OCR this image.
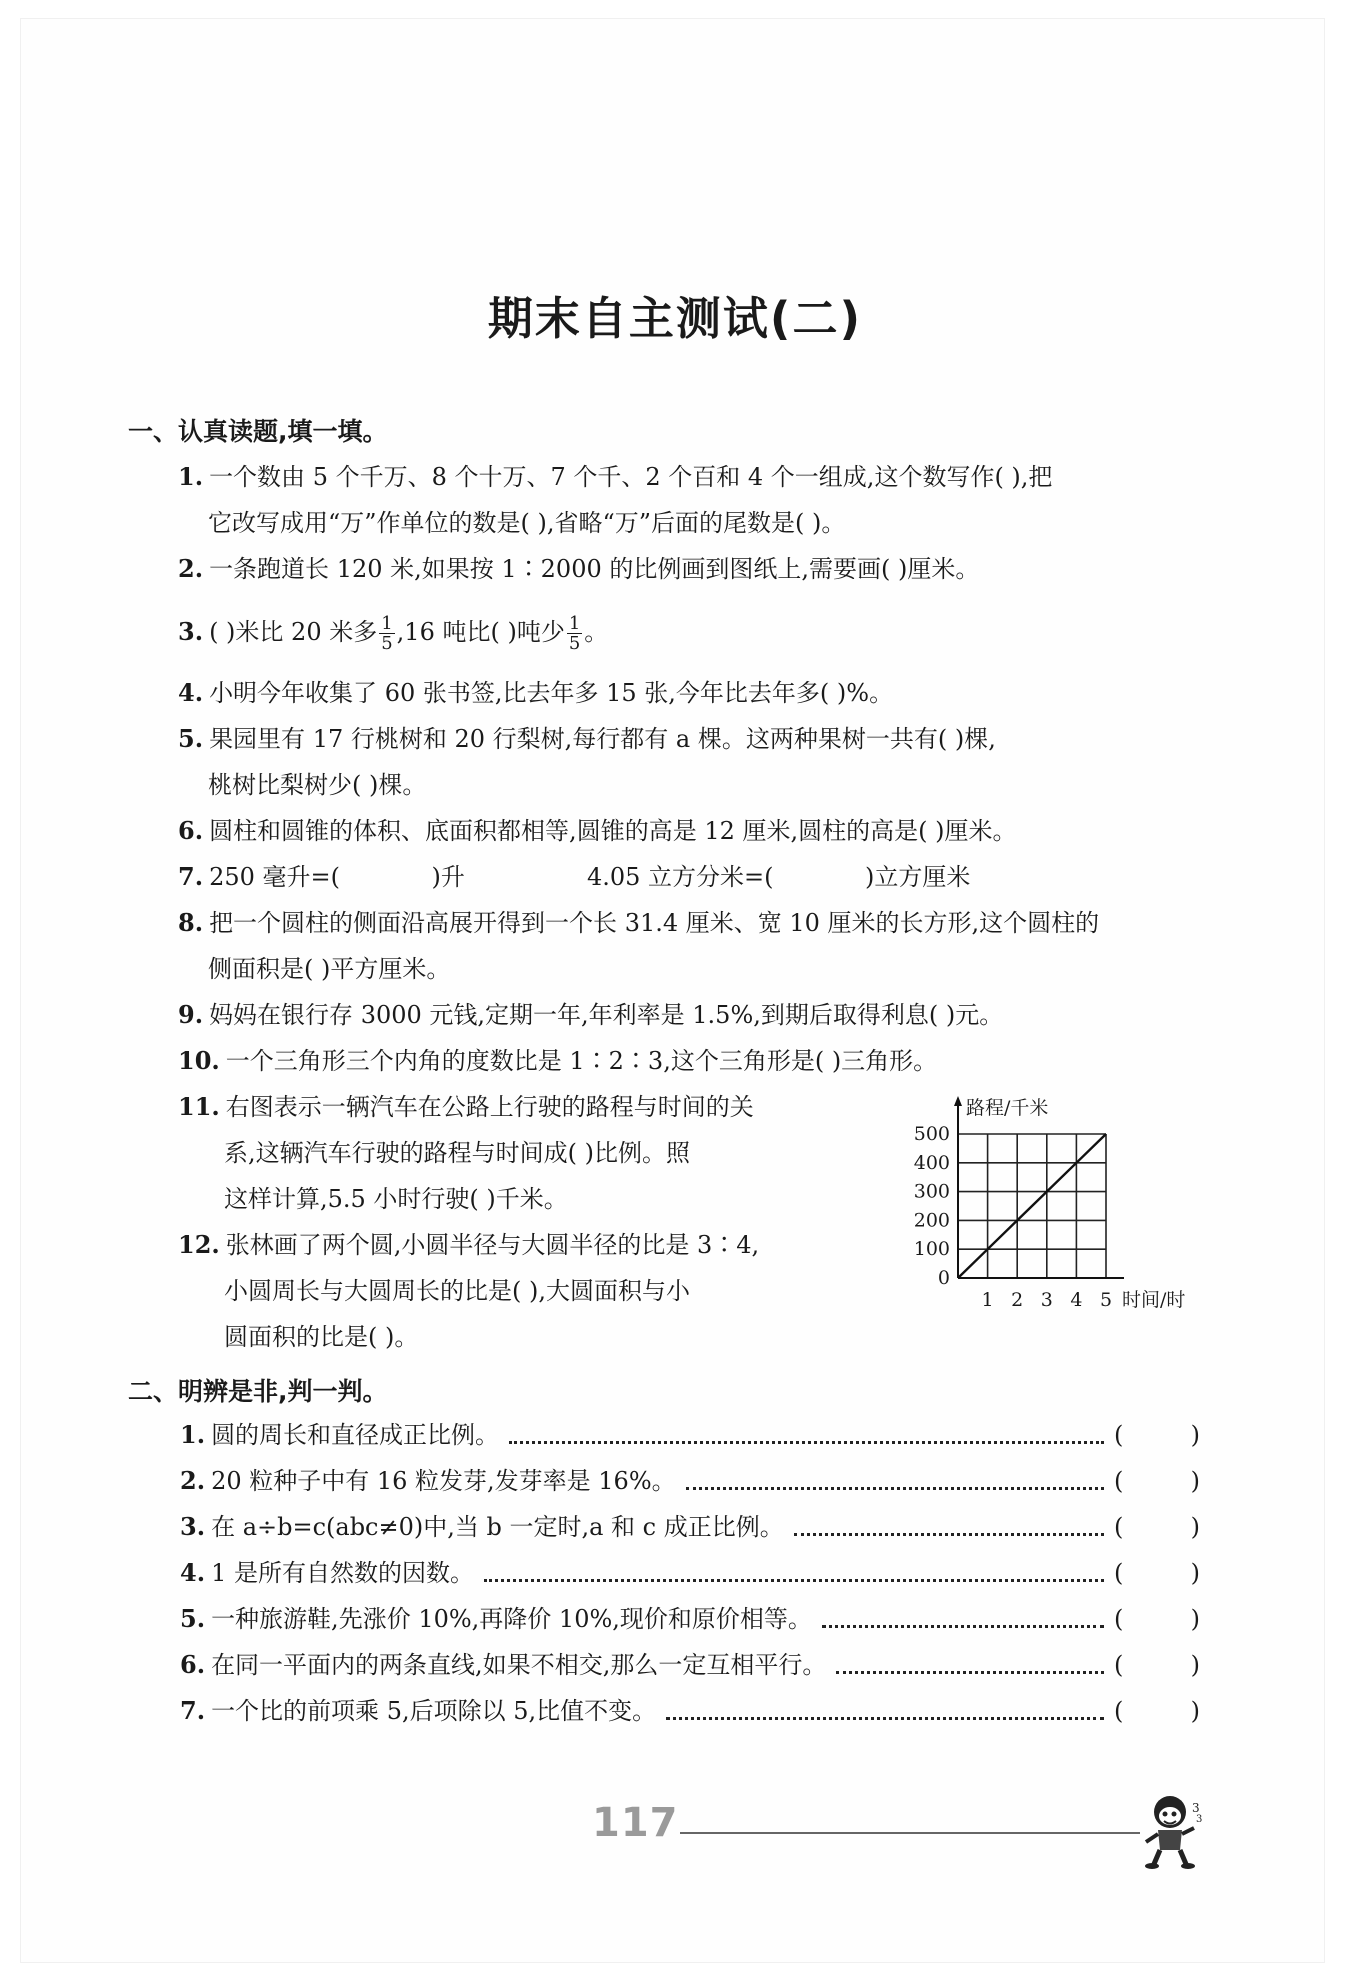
期末自主测试(二)
一、认真读题,填一填。
1. 一个数由 5 个千万、8 个十万、7 个千、2 个百和 4 个一组成,这个数写作( ),把
它改写成用“万”作单位的数是( ),省略“万”后面的尾数是( )。
2. 一条跑道长 120 米,如果按 1∶2000 的比例画到图纸上,需要画( )厘米。
3. ( )米比 20 米多 $\frac{1}{5} ,16$ 吨比( )吨少 $\frac{1}{5}$ 。
4. 小明今年收集了 60 张书签,比去年多 15 张,今年比去年多( )%。
5. 果园里有 17 行桃树和 20 行梨树,每行都有 a 棵。这两种果树一共有( )棵,
桃树比梨树少( )棵。
6. 圆柱和圆锥的体积、底面积都相等,圆锥的高是 12 厘米,圆柱的高是( )厘米。
7. 250 毫升=(            )升                4.05 立方分米=(            )立方厘米
8. 把一个圆柱的侧面沿高展开得到一个长 31.4 厘米、宽 10 厘米的长方形,这个圆柱的
侧面积是( )平方厘米。
9. 妈妈在银行存 3000 元钱,定期一年,年利率是 1.5%,到期后取得利息( )元。
10. 一个三角形三个内角的度数比是 1∶2∶3,这个三角形是( )三角形。
11. 右图表示一辆汽车在公路上行驶的路程与时间的关
系,这辆汽车行驶的路程与时间成( )比例。照
这样计算,5.5 小时行驶( )千米。
12. 张林画了两个圆,小圆半径与大圆半径的比是 3∶4,
小圆周长与大圆周长的比是( ),大圆面积与小
圆面积的比是( )。
0
100
200
300
400
500
1 2 3 4 5
路程/千米
时间/时
二、明辨是非,判一判。
1. 圆的周长和直径成正比例。	(	)
2. 20 粒种子中有 16 粒发芽,发芽率是 16%。	(	)
3. 在 a÷b=c(abc≠0)中,当 b 一定时,a 和 c 成正比例。	(	)
4. 1 是所有自然数的因数。	(	)
5. 一种旅游鞋,先涨价 10%,再降价 10%,现价和原价相等。	(	)
6. 在同一平面内的两条直线,如果不相交,那么一定互相平行。	(	)
7. 一个比的前项乘 5,后项除以 5,比值不变。	(	)
117	3
3
